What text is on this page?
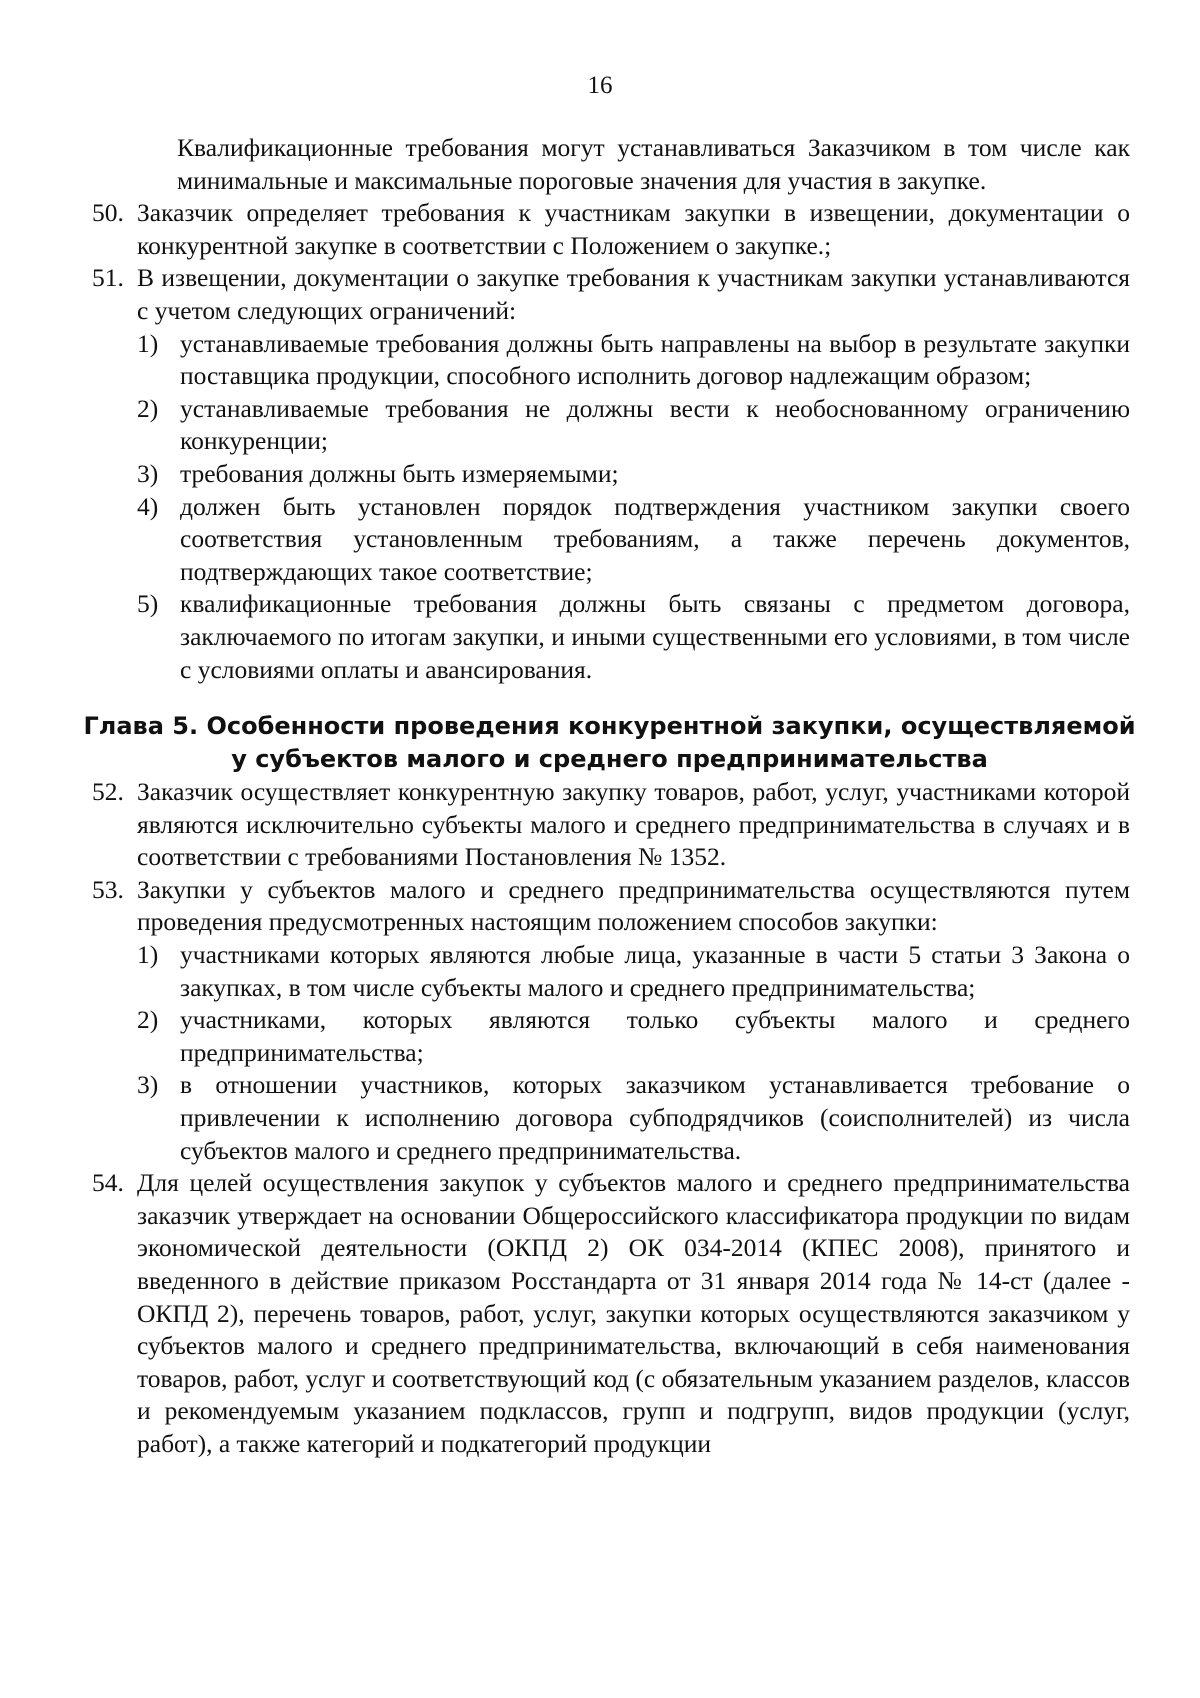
16

Квалификационные требования могут устанавливаться Заказчиком в том числе как минимальные и максимальные пороговые значения для участия в закупке.

50. Заказчик определяет требования к участникам закупки в извещении, документации о конкурентной закупке в соответствии с Положением о закупке.;
51. В извещении, документации о закупке требования к участникам закупки устанавливаются с учетом следующих ограничений:
1) устанавливаемые требования должны быть направлены на выбор в результате закупки поставщика продукции, способного исполнить договор надлежащим образом;
2) устанавливаемые требования не должны вести к необоснованному ограничению конкуренции;
3) требования должны быть измеряемыми;
4) должен быть установлен порядок подтверждения участником закупки своего соответствия установленным требованиям, а также перечень документов, подтверждающих такое соответствие;
5) квалификационные требования должны быть связаны с предметом договора, заключаемого по итогам закупки, и иными существенными его условиями, в том числе с условиями оплаты и авансирования.
Глава 5. Особенности проведения конкурентной закупки, осуществляемой у субъектов малого и среднего предпринимательства
52. Заказчик осуществляет конкурентную закупку товаров, работ, услуг, участниками которой являются исключительно субъекты малого и среднего предпринимательства в случаях и в соответствии с требованиями Постановления № 1352.
53. Закупки у субъектов малого и среднего предпринимательства осуществляются путем проведения предусмотренных настоящим положением способов закупки:
1) участниками которых являются любые лица, указанные в части 5 статьи 3 Закона о закупках, в том числе субъекты малого и среднего предпринимательства;
2) участниками, которых являются только субъекты малого и среднего предпринимательства;
3) в отношении участников, которых заказчиком устанавливается требование о привлечении к исполнению договора субподрядчиков (соисполнителей) из числа субъектов малого и среднего предпринимательства.
54. Для целей осуществления закупок у субъектов малого и среднего предпринимательства заказчик утверждает на основании Общероссийского классификатора продукции по видам экономической деятельности (ОКПД 2) ОК 034-2014 (КПЕС 2008), принятого и введенного в действие приказом Росстандарта от 31 января 2014 года № 14-ст (далее - ОКПД 2), перечень товаров, работ, услуг, закупки которых осуществляются заказчиком у субъектов малого и среднего предпринимательства, включающий в себя наименования товаров, работ, услуг и соответствующий код (с обязательным указанием разделов, классов и рекомендуемым указанием подклассов, групп и подгрупп, видов продукции (услуг, работ), а также категорий и подкатегорий продукции
